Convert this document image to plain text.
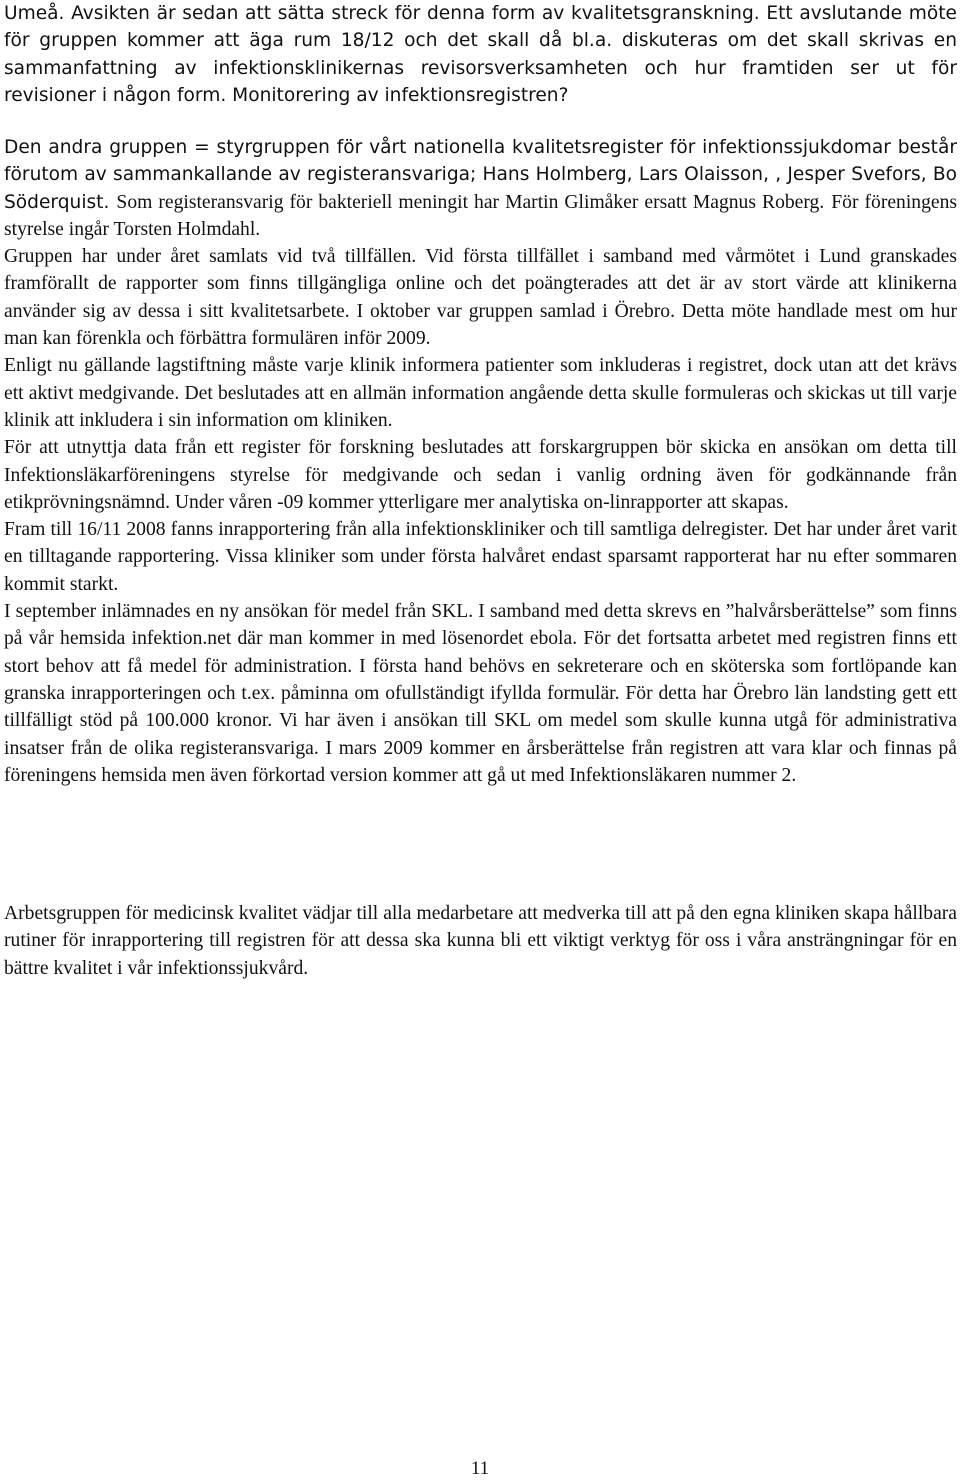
Umeå. Avsikten är sedan att sätta streck för denna form av kvalitetsgranskning. Ett avslutande möte för gruppen kommer att äga rum 18/12 och det skall då bl.a. diskuteras om det skall skrivas en sammanfattning av infektionsklinikernas revisorsverksamheten och hur framtiden ser ut för revisioner i någon form. Monitorering av infektionsregistren?

Den andra gruppen = styrgruppen för vårt nationella kvalitetsregister för infektionssjukdomar består förutom av sammankallande av registeransvariga; Hans Holmberg, Lars Olaisson, , Jesper Svefors, Bo Söderquist. Som registeransvarig för bakteriell meningit har Martin Glimåker ersatt Magnus Roberg. För föreningens styrelse ingår Torsten Holmdahl.

Gruppen har under året samlats vid två tillfällen. Vid första tillfället i samband med vårmötet i Lund granskades framförallt de rapporter som finns tillgängliga online och det poängterades att det är av stort värde att klinikerna använder sig av dessa i sitt kvalitetsarbete. I oktober var gruppen samlad i Örebro. Detta möte handlade mest om hur man kan förenkla och förbättra formulären inför 2009.

Enligt nu gällande lagstiftning måste varje klinik informera patienter som inkluderas i registret, dock utan att det krävs ett aktivt medgivande. Det beslutades att en allmän information angående detta skulle formuleras och skickas ut till varje klinik att inkludera i sin information om kliniken.

För att utnyttja data från ett register för forskning beslutades att forskargruppen bör skicka en ansökan om detta till Infektionsläkarföreningens styrelse för medgivande och sedan i vanlig ordning även för godkännande från etikprövningsnämnd. Under våren -09 kommer ytterligare mer analytiska on-linrapporter att skapas.

Fram till 16/11 2008 fanns inrapportering från alla infektionskliniker och till samtliga delregister. Det har under året varit en tilltagande rapportering. Vissa kliniker som under första halvåret endast sparsamt rapporterat har nu efter sommaren kommit starkt.

I september inlämnades en ny ansökan för medel från SKL. I samband med detta skrevs en ”halvårsberättelse” som finns på vår hemsida infektion.net där man kommer in med lösenordet ebola. För det fortsatta arbetet med registren finns ett stort behov att få medel för administration. I första hand behövs en sekreterare och en sköterska som fortlöpande kan granska inrapporteringen och t.ex. påminna om ofullständigt ifyllda formulär. För detta har Örebro län landsting gett ett tillfälligt stöd på 100.000 kronor. Vi har även i ansökan till SKL om medel som skulle kunna utgå för administrativa insatser från de olika registeransvariga. I mars 2009 kommer en årsberättelse från registren att vara klar och finnas på föreningens hemsida men även förkortad version kommer att gå ut med Infektionsläkaren nummer 2.

Arbetsgruppen för medicinsk kvalitet vädjar till alla medarbetare att medverka till att på den egna kliniken skapa hållbara rutiner för inrapportering till registren för att dessa ska kunna bli ett viktigt verktyg för oss i våra ansträngningar för en bättre kvalitet i vår infektionssjukvård.

11
